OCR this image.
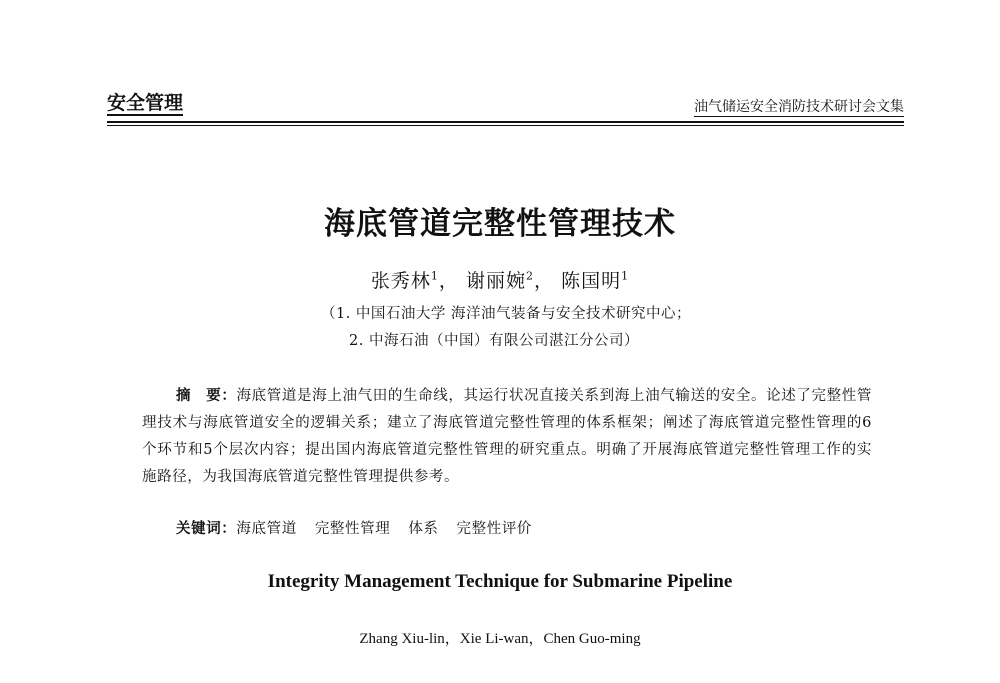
安全管理	油气储运安全消防技术研讨会文集
海底管道完整性管理技术
张秀林$^1$， 谢丽婉$^2$， 陈国明$^1$
（1. 中国石油大学 海洋油气装备与安全技术研究中心；
2. 中海石油（中国）有限公司湛江分公司）
摘　要：海底管道是海上油气田的生命线，其运行状况直接关系到海上油气输送的安全。论述了完整性管理技术与海底管道安全的逻辑关系；建立了海底管道完整性管理的体系框架；阐述了海底管道完整性管理的6个环节和5个层次内容；提出国内海底管道完整性管理的研究重点。明确了开展海底管道完整性管理工作的实施路径，为我国海底管道完整性管理提供参考。
关键词：海底管道 完整性管理 体系 完整性评价
Integrity Management Technique for Submarine Pipeline
Zhang Xiu-lin，Xie Li-wan，Chen Guo-ming
